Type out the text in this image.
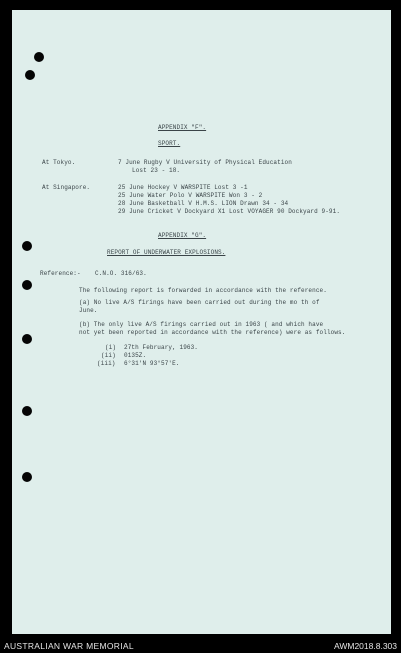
APPENDIX "F".
SPORT.
At Tokyo.	7 June Rugby V University of Physical Education
Lost 23 - 18.
At Singapore.	25 June Hockey V WARSPITE Lost 3 -1
25 June Water Polo V WARSPITE Won 3 - 2
28 June Basketball V H.M.S. LION Drawn 34 - 34
29 June Cricket V Dockyard X1 Lost VOYAGER 90 Dockyard 9-91.
APPENDIX "G".
REPORT OF UNDERWATER EXPLOSIONS.
Reference:- C.N.O. 316/63.
The following report is forwarded in accordance with the reference.
(a) No live A/S firings have been carried out during the mo th of
June.
(b) The only live A/S firings carried out in 1963 ( and which have
not yet been reported in accordance with the reference) were as follows.
(i) 27th February, 1963.
(ii) 0135Z.
(iii) 6°31'N 93°57'E.
AUSTRALIAN WAR MEMORIAL	AWM2018.8.303
